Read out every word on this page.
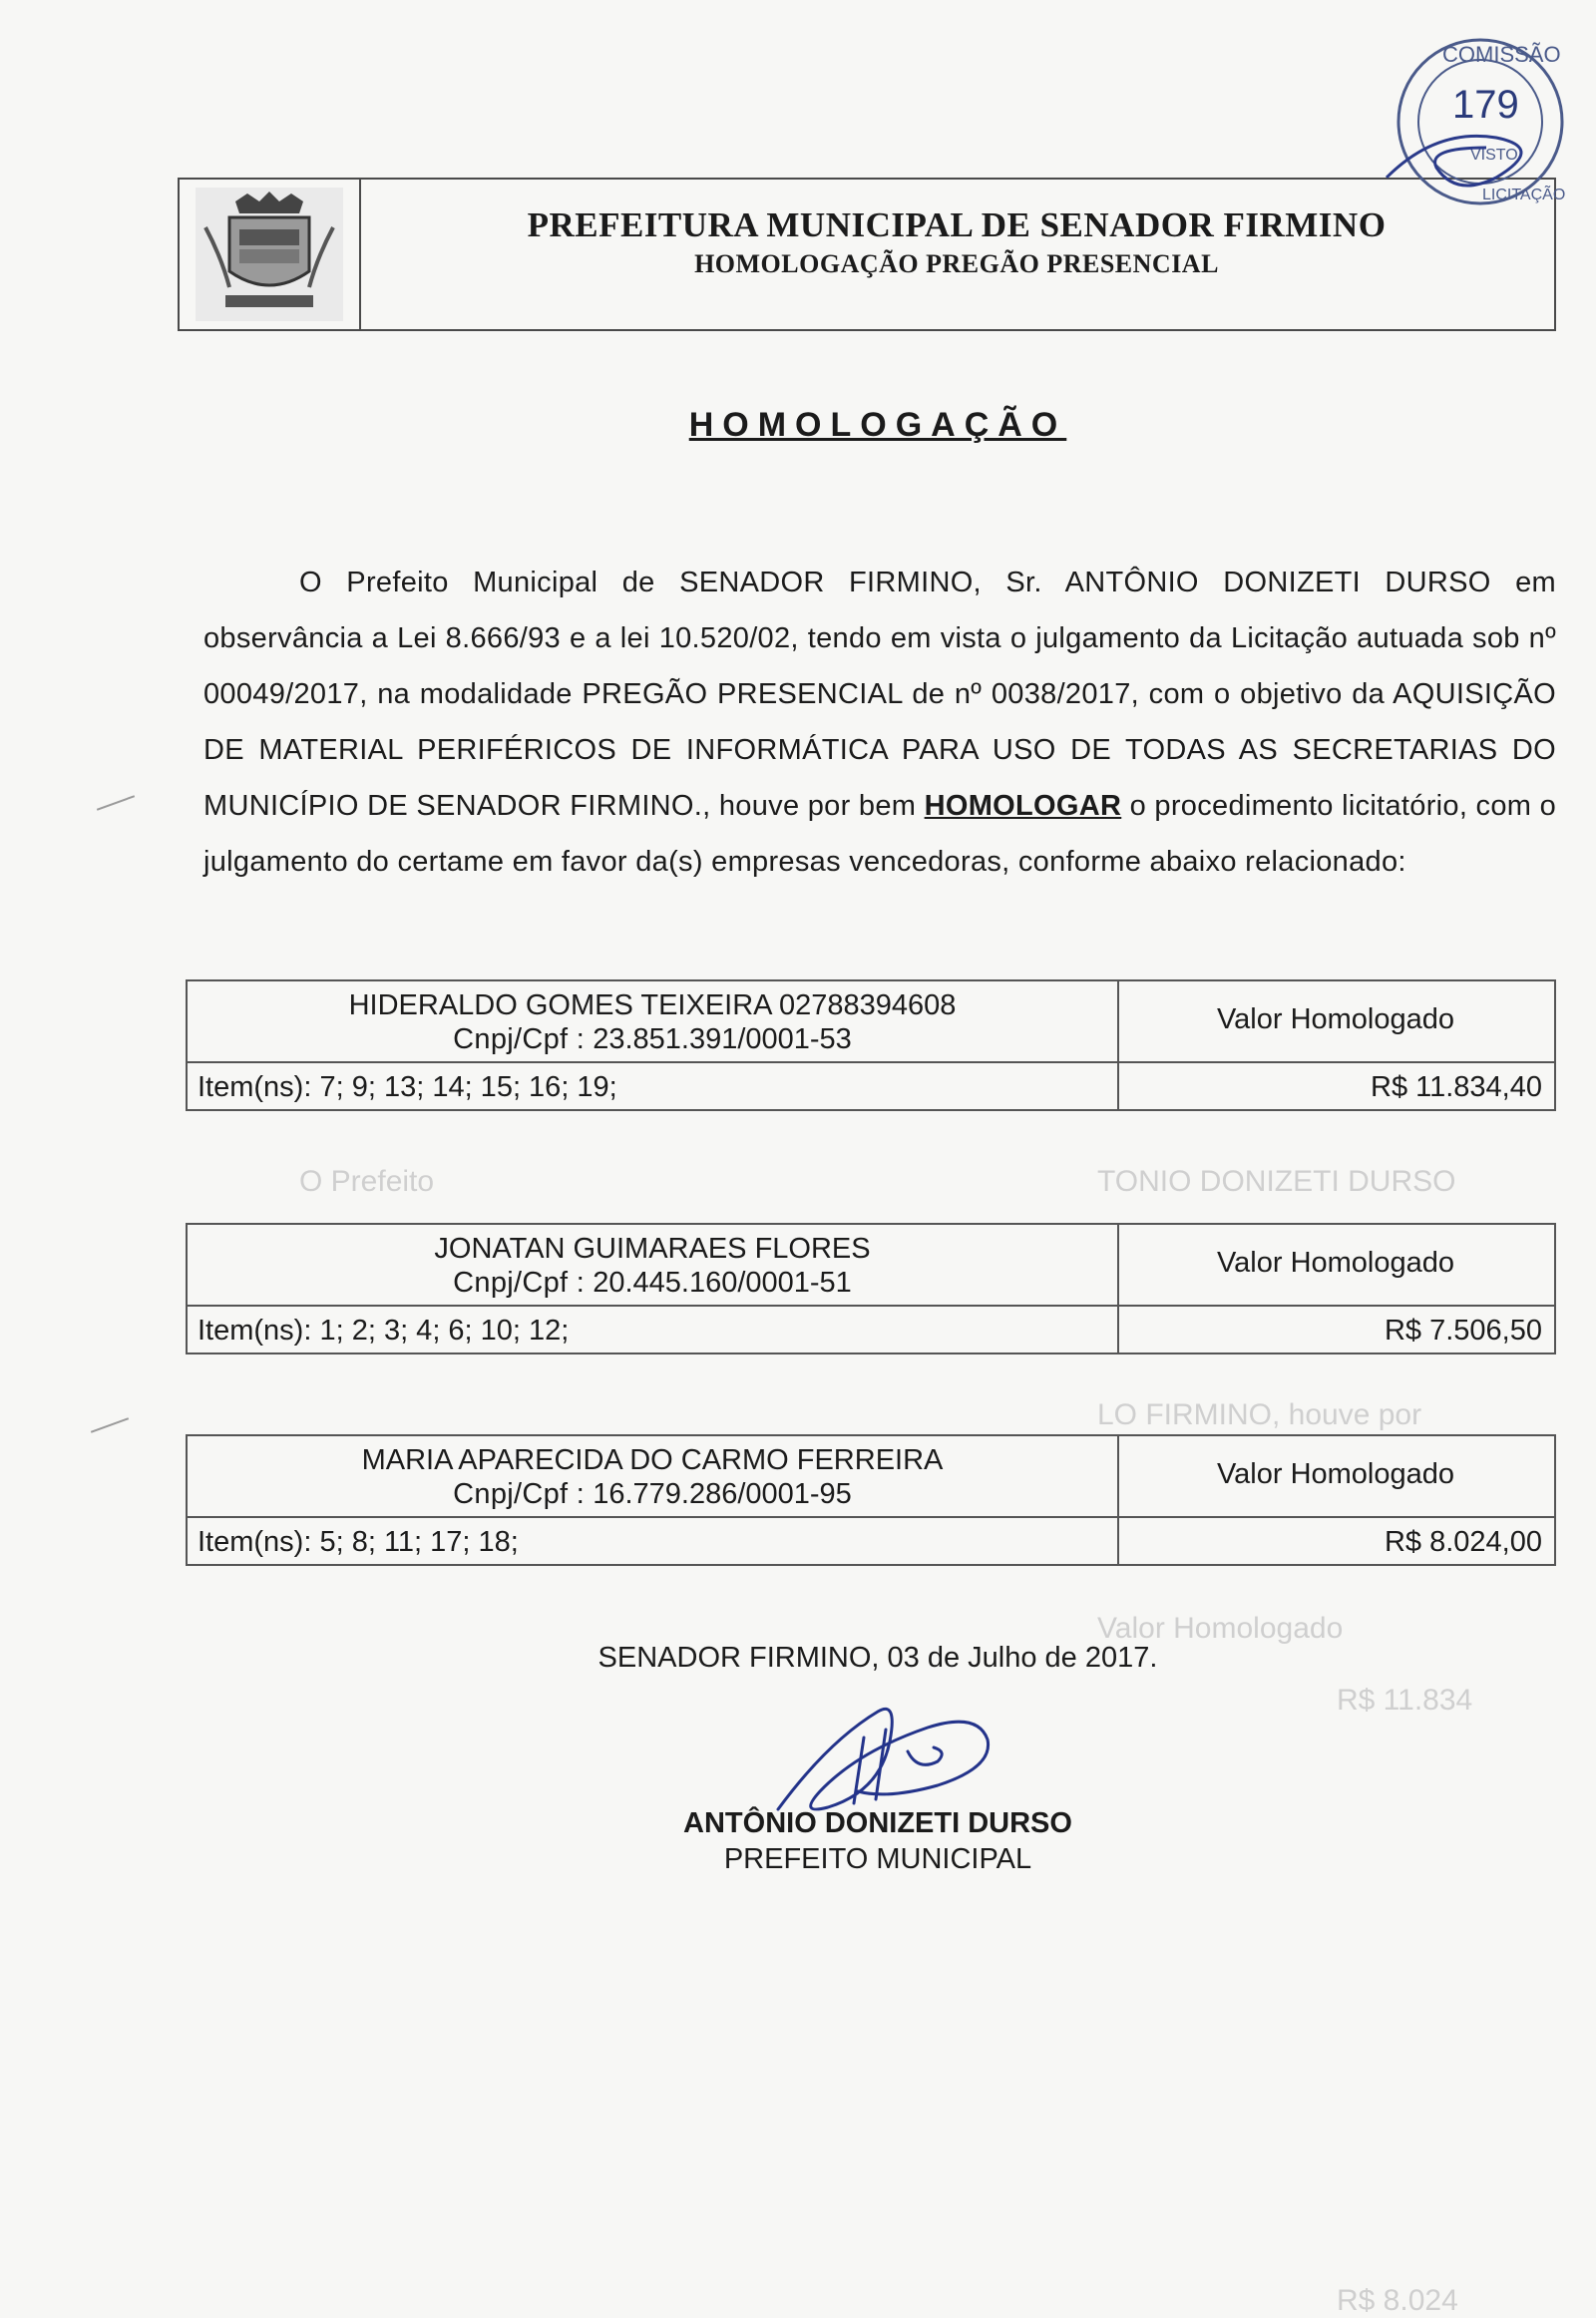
O Prefeito	TONIO DONIZETI DURSO
LO FIRMINO, houve por
Valor Homologado
R$ 11.834
R$ 8.024
PREFEITURA MUNICIPAL DE SENADOR FIRMINO
HOMOLOGAÇÃO PREGÃO PRESENCIAL
COMISSÃO
179
VISTO
LICITAÇÃO
HOMOLOGAÇÃO
O Prefeito Municipal de SENADOR FIRMINO, Sr. ANTÔNIO DONIZETI DURSO em observância a Lei 8.666/93 e a lei 10.520/02, tendo em vista o julgamento da Licitação autuada sob nº 00049/2017, na modalidade PREGÃO PRESENCIAL de nº 0038/2017, com o objetivo da AQUISIÇÃO DE MATERIAL PERIFÉRICOS DE INFORMÁTICA PARA USO DE TODAS AS SECRETARIAS DO MUNICÍPIO DE SENADOR FIRMINO., houve por bem HOMOLOGAR o procedimento licitatório, com o julgamento do certame em favor da(s) empresas vencedoras, conforme abaixo relacionado:
HIDERALDO GOMES TEIXEIRA 02788394608
Cnpj/Cpf : 23.851.391/0001-53
Item(ns): 7; 9; 13; 14; 15; 16; 19;
Valor Homologado
R$ 11.834,40
JONATAN GUIMARAES FLORES
Cnpj/Cpf : 20.445.160/0001-51
Item(ns): 1; 2; 3; 4; 6; 10; 12;
Valor Homologado
R$ 7.506,50
MARIA APARECIDA DO CARMO FERREIRA
Cnpj/Cpf : 16.779.286/0001-95
Item(ns): 5; 8; 11; 17; 18;
Valor Homologado
R$ 8.024,00
SENADOR FIRMINO, 03 de Julho de 2017.
ANTÔNIO DONIZETI DURSO
PREFEITO MUNICIPAL
